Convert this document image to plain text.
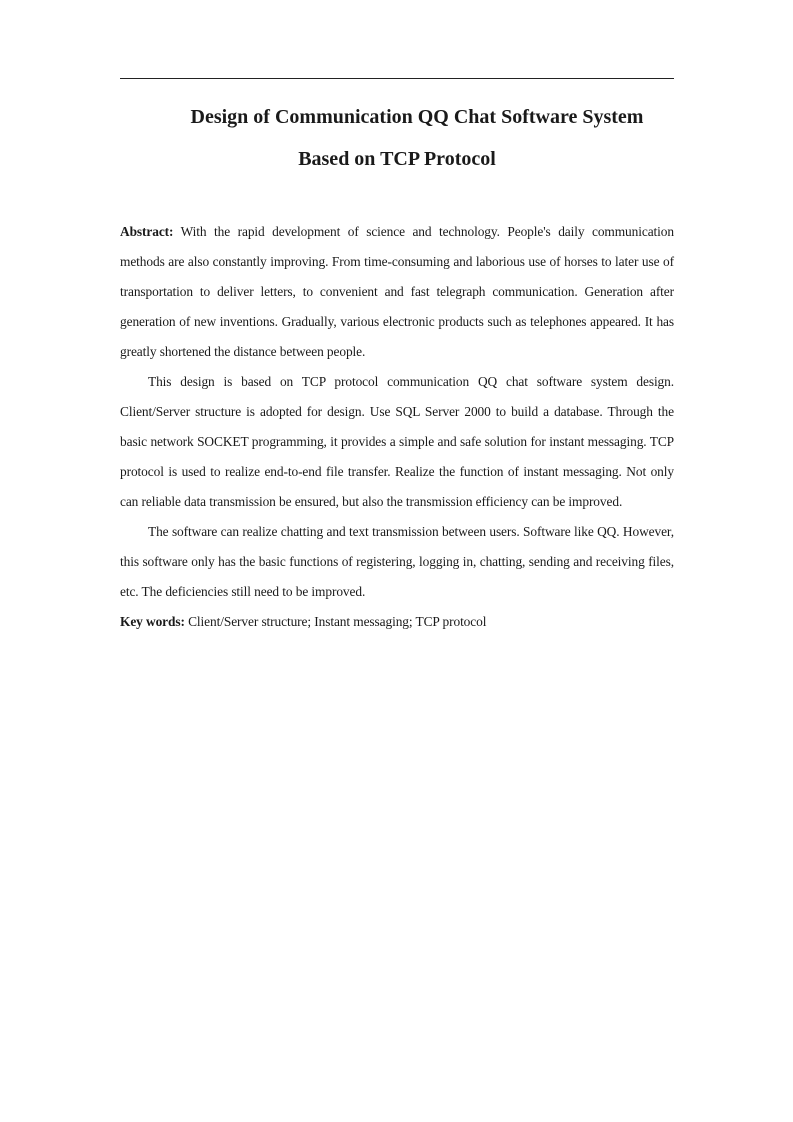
Design of Communication QQ Chat Software System
Based on TCP Protocol

Abstract: With the rapid development of science and technology. People's daily communication methods are also constantly improving. From time-consuming and laborious use of horses to later use of transportation to deliver letters, to convenient and fast telegraph communication. Generation after generation of new inventions. Gradually, various electronic products such as telephones appeared. It has greatly shortened the distance between people.

This design is based on TCP protocol communication QQ chat software system design. Client/Server structure is adopted for design. Use SQL Server 2000 to build a database. Through the basic network SOCKET programming, it provides a simple and safe solution for instant messaging. TCP protocol is used to realize end-to-end file transfer. Realize the function of instant messaging. Not only can reliable data transmission be ensured, but also the transmission efficiency can be improved.

The software can realize chatting and text transmission between users. Software like QQ. However, this software only has the basic functions of registering, logging in, chatting, sending and receiving files, etc. The deficiencies still need to be improved.

Key words: Client/Server structure; Instant messaging; TCP protocol
